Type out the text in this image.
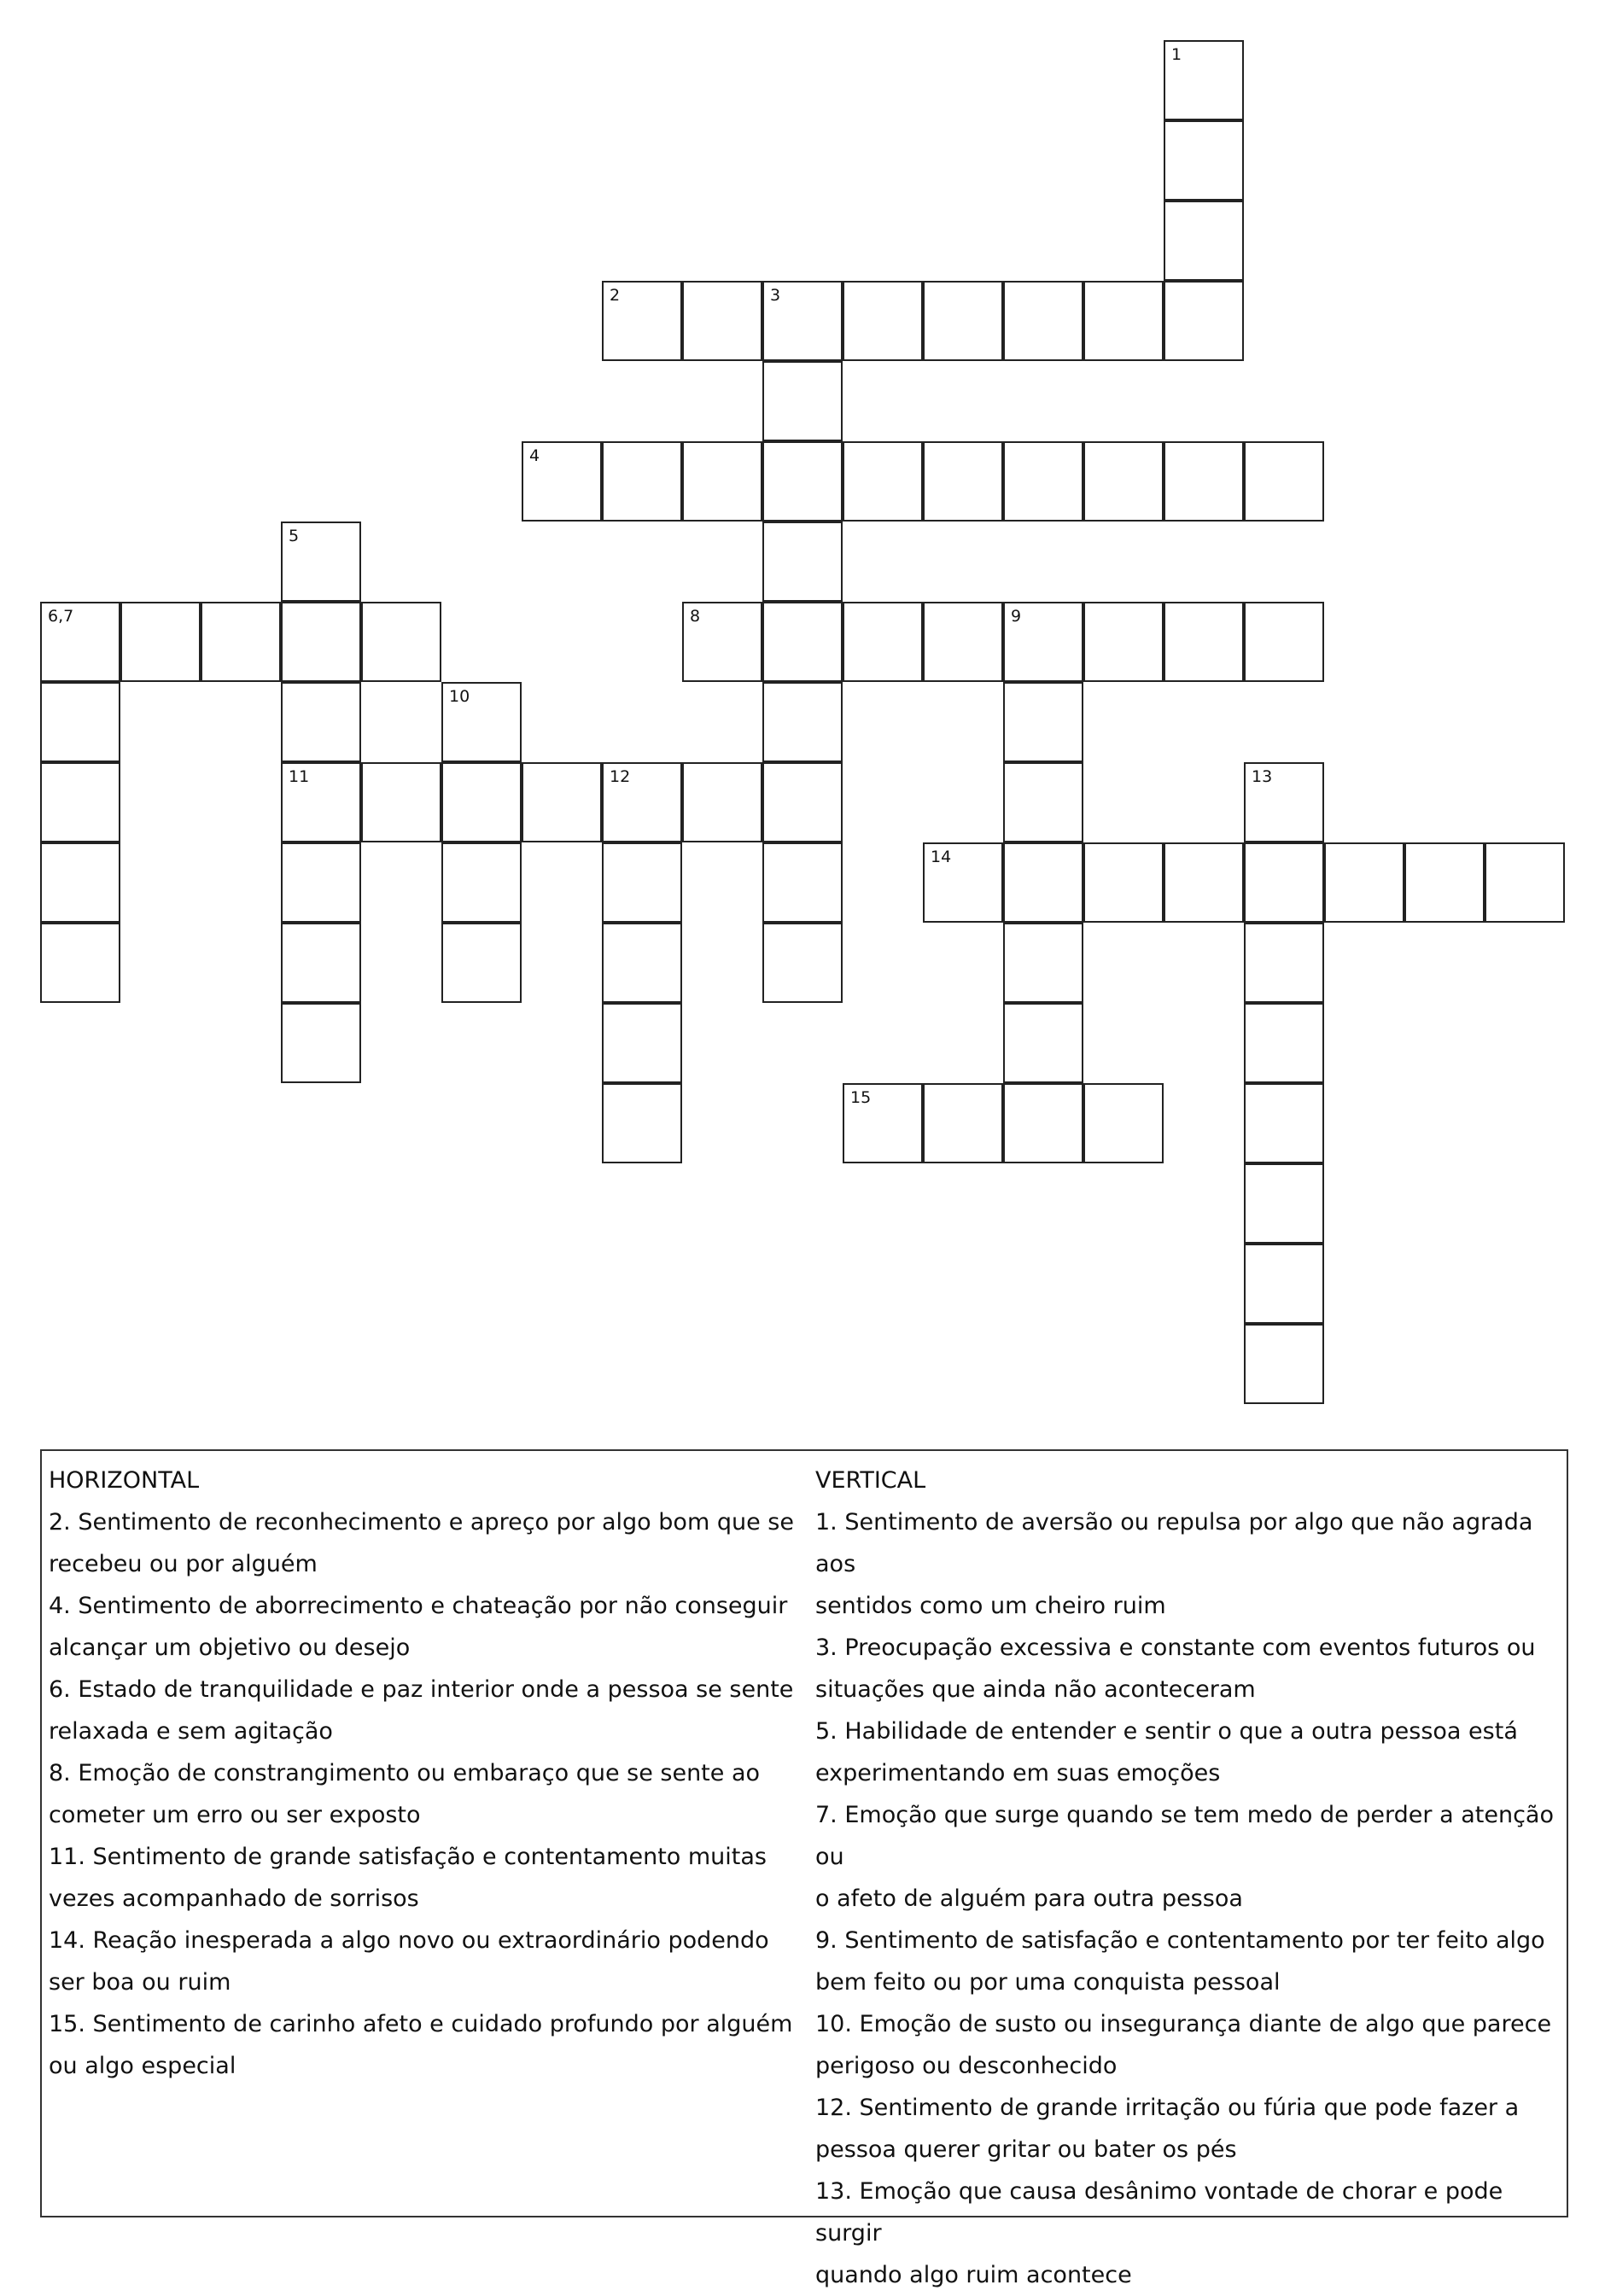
1
2	3
4
5
6,7	8	9
10
11	12	13
14
15
HORIZONTAL
2. Sentimento de reconhecimento e apreço por algo bom que se
recebeu ou por alguém
4. Sentimento de aborrecimento e chateação por não conseguir
alcançar um objetivo ou desejo
6. Estado de tranquilidade e paz interior onde a pessoa se sente
relaxada e sem agitação
8. Emoção de constrangimento ou embaraço que se sente ao
cometer um erro ou ser exposto
11. Sentimento de grande satisfação e contentamento muitas
vezes acompanhado de sorrisos
14. Reação inesperada a algo novo ou extraordinário podendo
ser boa ou ruim
15. Sentimento de carinho afeto e cuidado profundo por alguém
ou algo especial
VERTICAL
1. Sentimento de aversão ou repulsa por algo que não agrada aos
sentidos como um cheiro ruim
3. Preocupação excessiva e constante com eventos futuros ou
situações que ainda não aconteceram
5. Habilidade de entender e sentir o que a outra pessoa está
experimentando em suas emoções
7. Emoção que surge quando se tem medo de perder a atenção ou
o afeto de alguém para outra pessoa
9. Sentimento de satisfação e contentamento por ter feito algo
bem feito ou por uma conquista pessoal
10. Emoção de susto ou insegurança diante de algo que parece
perigoso ou desconhecido
12. Sentimento de grande irritação ou fúria que pode fazer a
pessoa querer gritar ou bater os pés
13. Emoção que causa desânimo vontade de chorar e pode surgir
quando algo ruim acontece
